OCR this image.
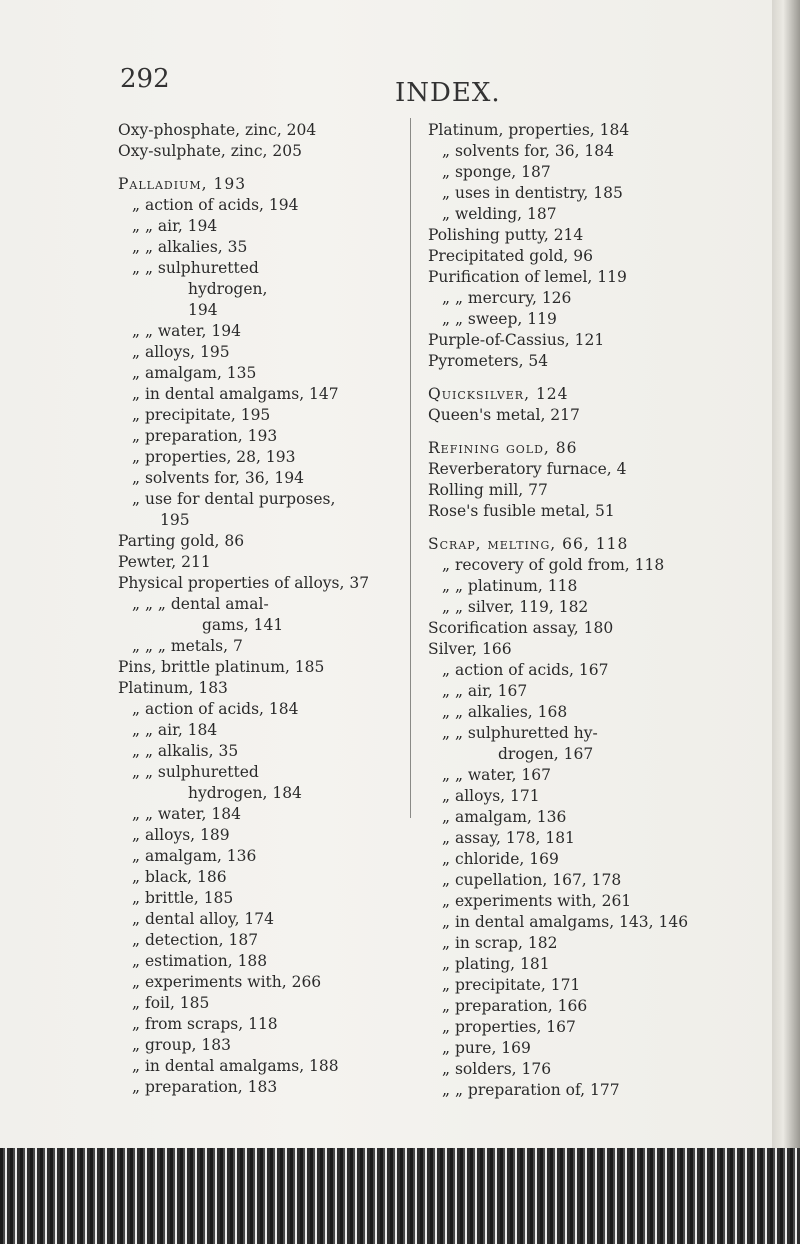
292	INDEX.
Oxy-phosphate, zinc, 204
Oxy-sulphate, zinc, 205
Palladium, 193
„ action of acids, 194
„ „ air, 194
„ „ alkalies, 35
„ „ sulphuretted
hydrogen,
194
„ „ water, 194
„ alloys, 195
„ amalgam, 135
„ in dental amalgams, 147
„ precipitate, 195
„ preparation, 193
„ properties, 28, 193
„ solvents for, 36, 194
„ use for dental purposes,
195
Parting gold, 86
Pewter, 211
Physical properties of alloys, 37
„ „ „ dental amal-
gams, 141
„ „ „ metals, 7
Pins, brittle platinum, 185
Platinum, 183
„ action of acids, 184
„ „ air, 184
„ „ alkalis, 35
„ „ sulphuretted
hydrogen, 184
„ „ water, 184
„ alloys, 189
„ amalgam, 136
„ black, 186
„ brittle, 185
„ dental alloy, 174
„ detection, 187
„ estimation, 188
„ experiments with, 266
„ foil, 185
„ from scraps, 118
„ group, 183
„ in dental amalgams, 188
„ preparation, 183
Platinum, properties, 184
„ solvents for, 36, 184
„ sponge, 187
„ uses in dentistry, 185
„ welding, 187
Polishing putty, 214
Precipitated gold, 96
Purification of lemel, 119
„ „ mercury, 126
„ „ sweep, 119
Purple-of-Cassius, 121
Pyrometers, 54
Quicksilver, 124
Queen's metal, 217
Refining gold, 86
Reverberatory furnace, 4
Rolling mill, 77
Rose's fusible metal, 51
Scrap, melting, 66, 118
„ recovery of gold from, 118
„ „ platinum, 118
„ „ silver, 119, 182
Scorification assay, 180
Silver, 166
„ action of acids, 167
„ „ air, 167
„ „ alkalies, 168
„ „ sulphuretted hy-
drogen, 167
„ „ water, 167
„ alloys, 171
„ amalgam, 136
„ assay, 178, 181
„ chloride, 169
„ cupellation, 167, 178
„ experiments with, 261
„ in dental amalgams, 143, 146
„ in scrap, 182
„ plating, 181
„ precipitate, 171
„ preparation, 166
„ properties, 167
„ pure, 169
„ solders, 176
„ „ preparation of, 177
